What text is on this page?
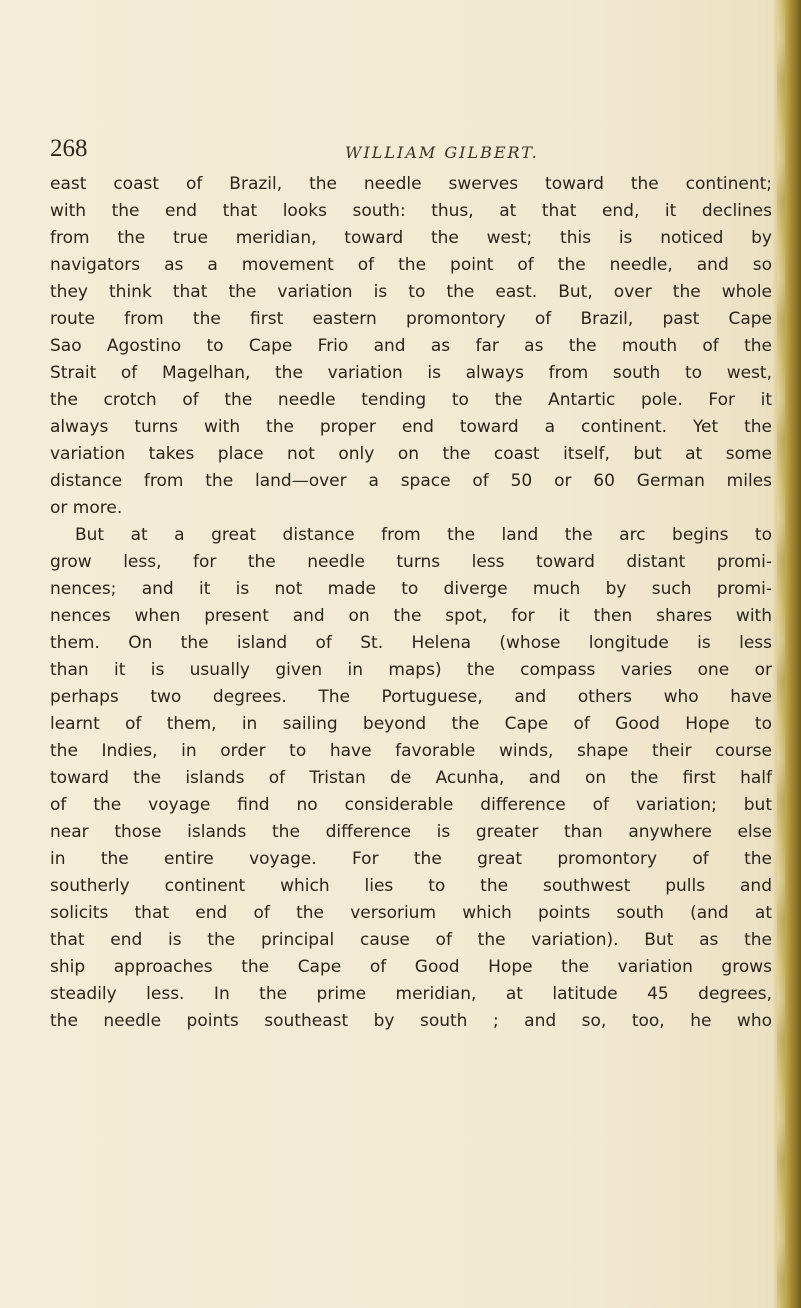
268	WILLIAM GILBERT.
east coast of Brazil, the needle swerves toward the continent;
with the end that looks south: thus, at that end, it declines
from the true meridian, toward the west; this is noticed by
navigators as a movement of the point of the needle, and so
they think that the variation is to the east. But, over the whole
route from the first eastern promontory of Brazil, past Cape
Sao Agostino to Cape Frio and as far as the mouth of the
Strait of Magelhan, the variation is always from south to west,
the crotch of the needle tending to the Antartic pole. For it
always turns with the proper end toward a continent. Yet the
variation takes place not only on the coast itself, but at some
distance from the land—over a space of 50 or 60 German miles
or more.
But at a great distance from the land the arc begins to
grow less, for the needle turns less toward distant promi-
nences; and it is not made to diverge much by such promi-
nences when present and on the spot, for it then shares with
them. On the island of St. Helena (whose longitude is less
than it is usually given in maps) the compass varies one or
perhaps two degrees. The Portuguese, and others who have
learnt of them, in sailing beyond the Cape of Good Hope to
the Indies, in order to have favorable winds, shape their course
toward the islands of Tristan de Acunha, and on the first half
of the voyage find no considerable difference of variation; but
near those islands the difference is greater than anywhere else
in the entire voyage. For the great promontory of the
southerly continent which lies to the southwest pulls and
solicits that end of the versorium which points south (and at
that end is the principal cause of the variation). But as the
ship approaches the Cape of Good Hope the variation grows
steadily less. In the prime meridian, at latitude 45 degrees,
the needle points southeast by south ; and so, too, he who
